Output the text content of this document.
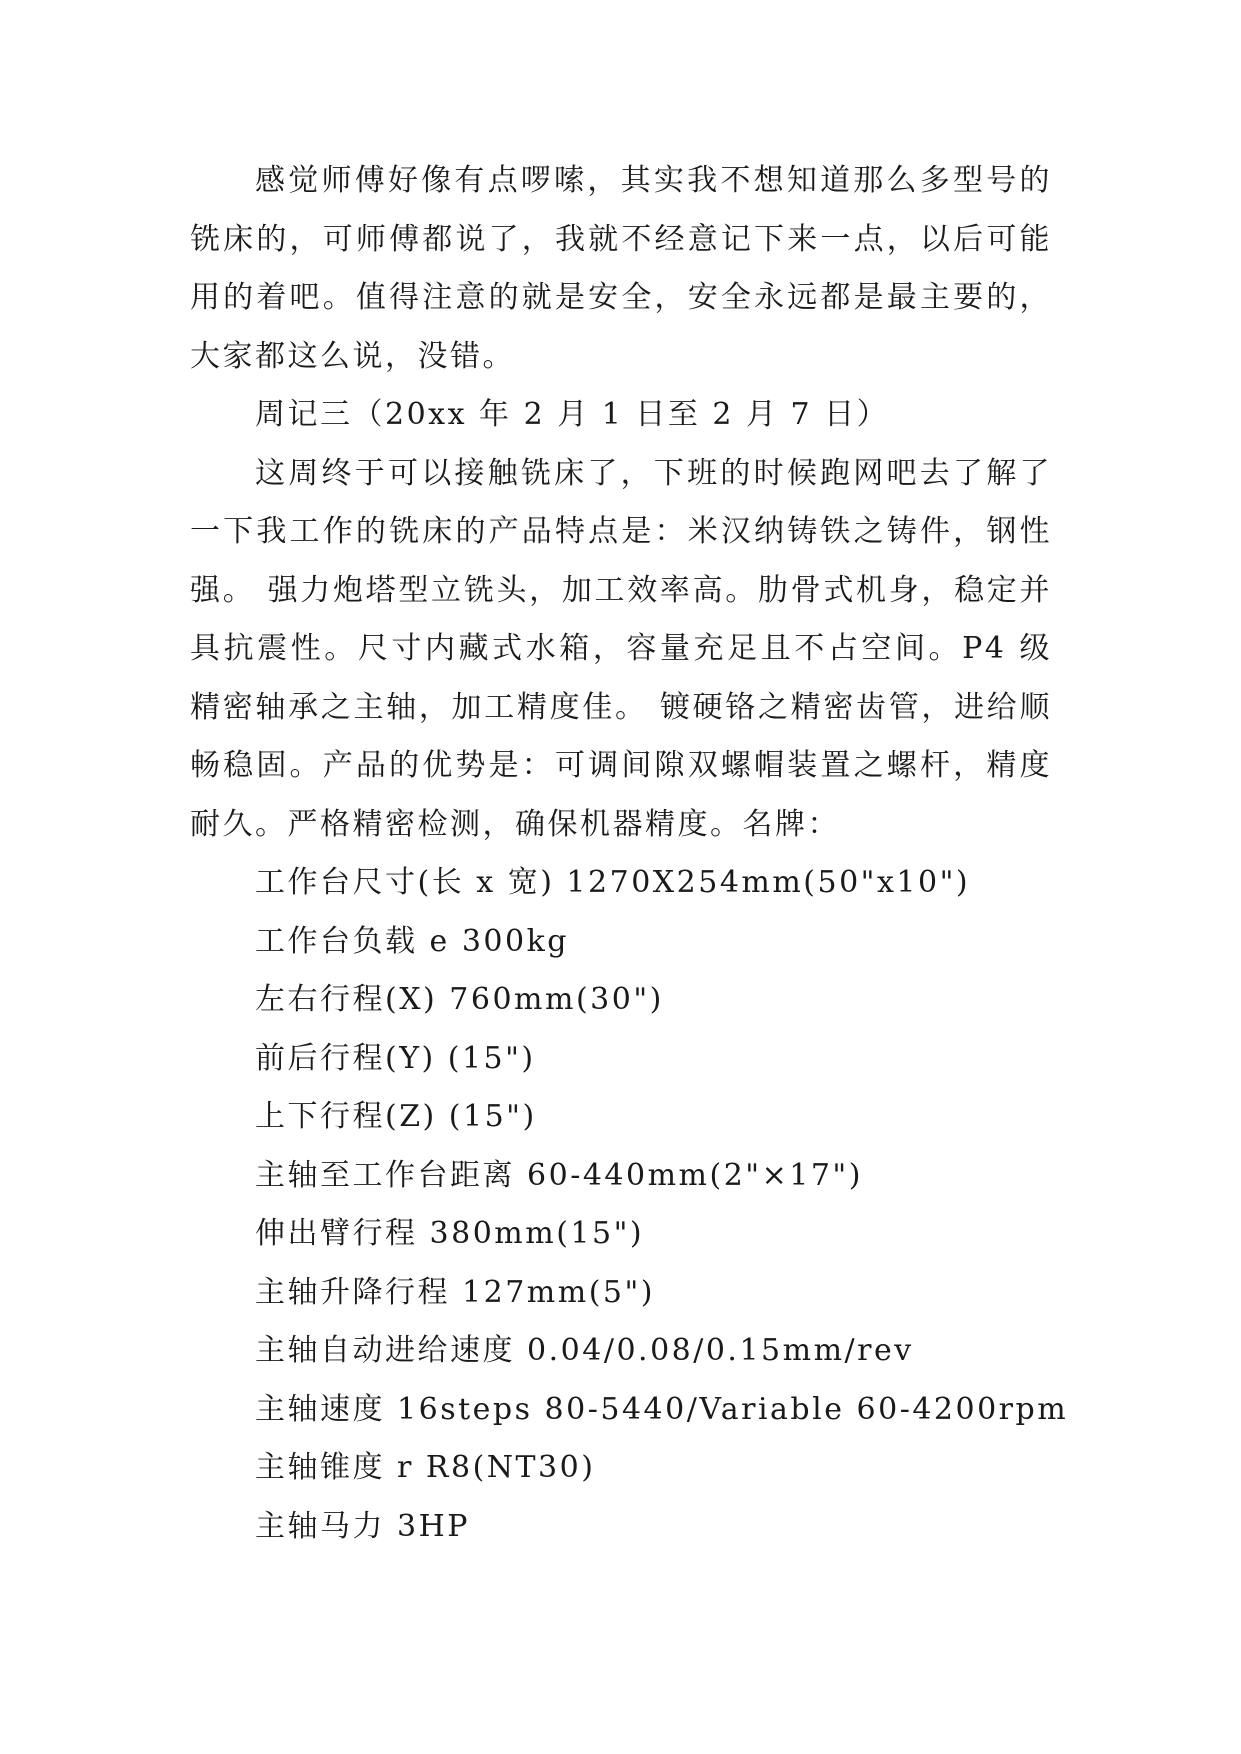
感觉师傅好像有点啰嗦，其实我不想知道那么多型号的铣床的，可师傅都说了，我就不经意记下来一点，以后可能用的着吧。值得注意的就是安全，安全永远都是最主要的，大家都这么说，没错。

周记三（20xx 年 2 月 1 日至 2 月 7 日）

这周终于可以接触铣床了，下班的时候跑网吧去了解了一下我工作的铣床的产品特点是：米汉纳铸铁之铸件，钢性强。 强力炮塔型立铣头，加工效率高。肋骨式机身，稳定并具抗震性。尺寸内藏式水箱，容量充足且不占空间。P4 级精密轴承之主轴，加工精度佳。 镀硬铬之精密齿管，进给顺畅稳固。产品的优势是：可调间隙双螺帽装置之螺杆，精度耐久。严格精密检测，确保机器精度。名牌：

工作台尺寸(长 x 宽) 1270X254mm(50"x10")
工作台负载 e 300kg
左右行程(X) 760mm(30")
前后行程(Y) (15")
上下行程(Z) (15")
主轴至工作台距离 60-440mm(2"×17")
伸出臂行程 380mm(15")
主轴升降行程 127mm(5")
主轴自动进给速度 0.04/0.08/0.15mm/rev
主轴速度 16steps 80-5440/Variable 60-4200rpm
主轴锥度 r R8(NT30)
主轴马力 3HP
